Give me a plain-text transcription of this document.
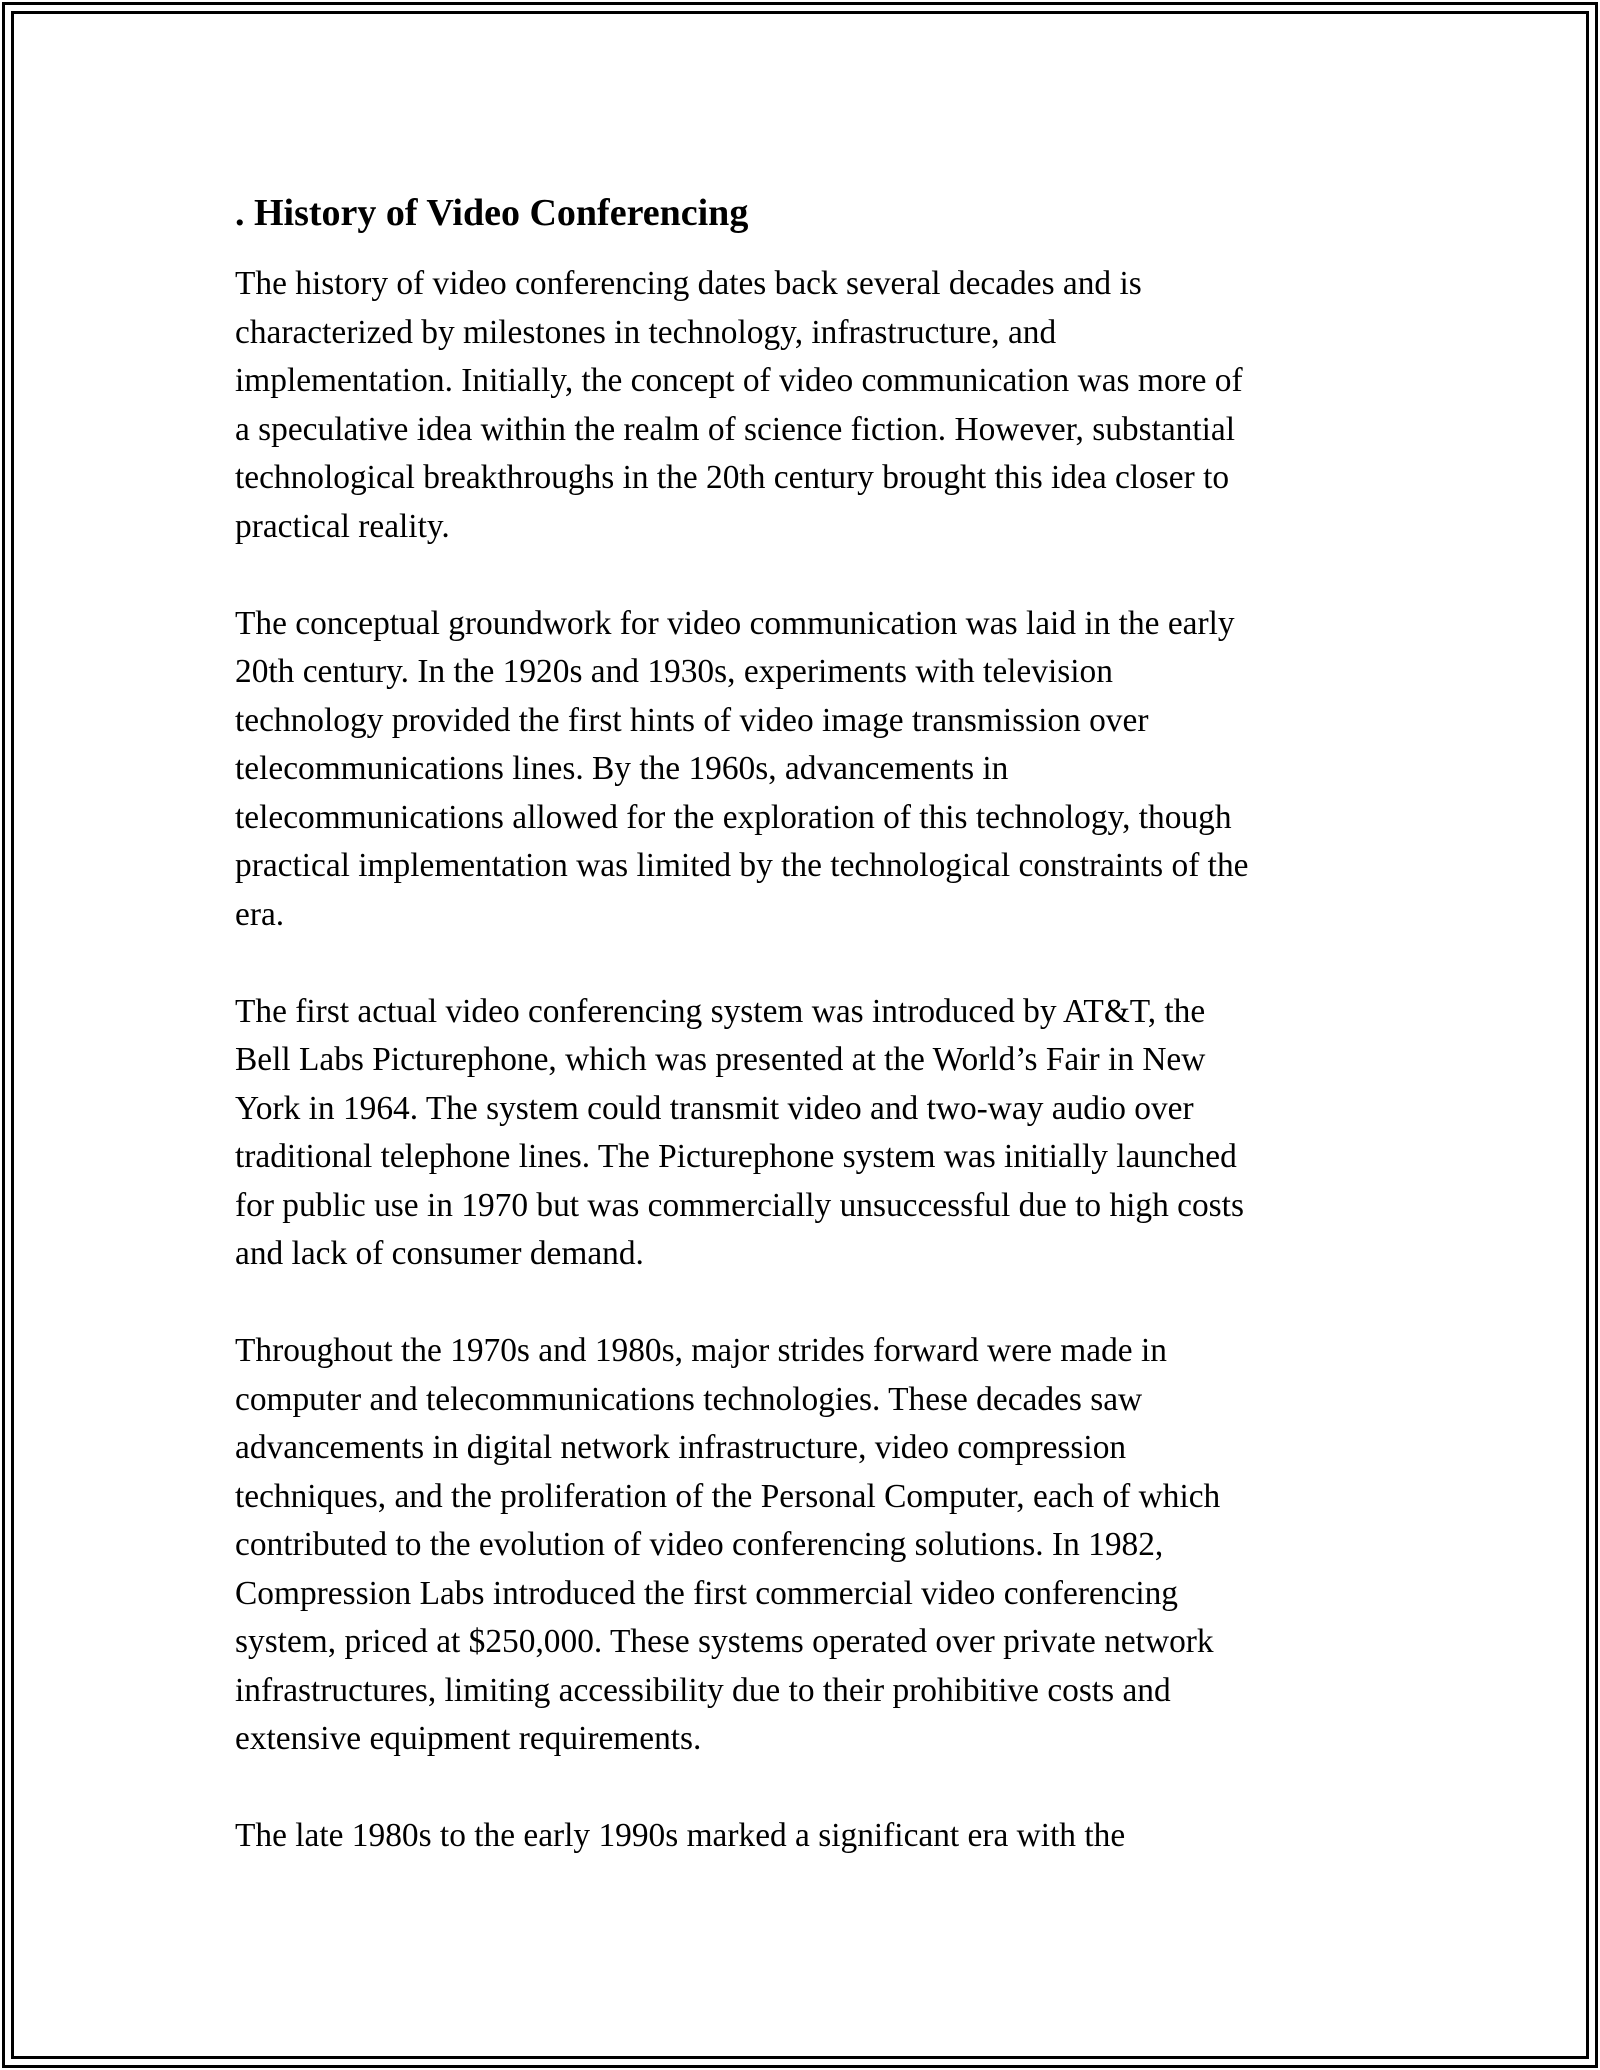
. History of Video Conferencing

The history of video conferencing dates back several decades and is
characterized by milestones in technology, infrastructure, and
implementation. Initially, the concept of video communication was more of
a speculative idea within the realm of science fiction. However, substantial
technological breakthroughs in the 20th century brought this idea closer to
practical reality.

The conceptual groundwork for video communication was laid in the early
20th century. In the 1920s and 1930s, experiments with television
technology provided the first hints of video image transmission over
telecommunications lines. By the 1960s, advancements in
telecommunications allowed for the exploration of this technology, though
practical implementation was limited by the technological constraints of the
era.

The first actual video conferencing system was introduced by AT&T, the
Bell Labs Picturephone, which was presented at the World’s Fair in New
York in 1964. The system could transmit video and two-way audio over
traditional telephone lines. The Picturephone system was initially launched
for public use in 1970 but was commercially unsuccessful due to high costs
and lack of consumer demand.

Throughout the 1970s and 1980s, major strides forward were made in
computer and telecommunications technologies. These decades saw
advancements in digital network infrastructure, video compression
techniques, and the proliferation of the Personal Computer, each of which
contributed to the evolution of video conferencing solutions. In 1982,
Compression Labs introduced the first commercial video conferencing
system, priced at $250,000. These systems operated over private network
infrastructures, limiting accessibility due to their prohibitive costs and
extensive equipment requirements.

The late 1980s to the early 1990s marked a significant era with the
